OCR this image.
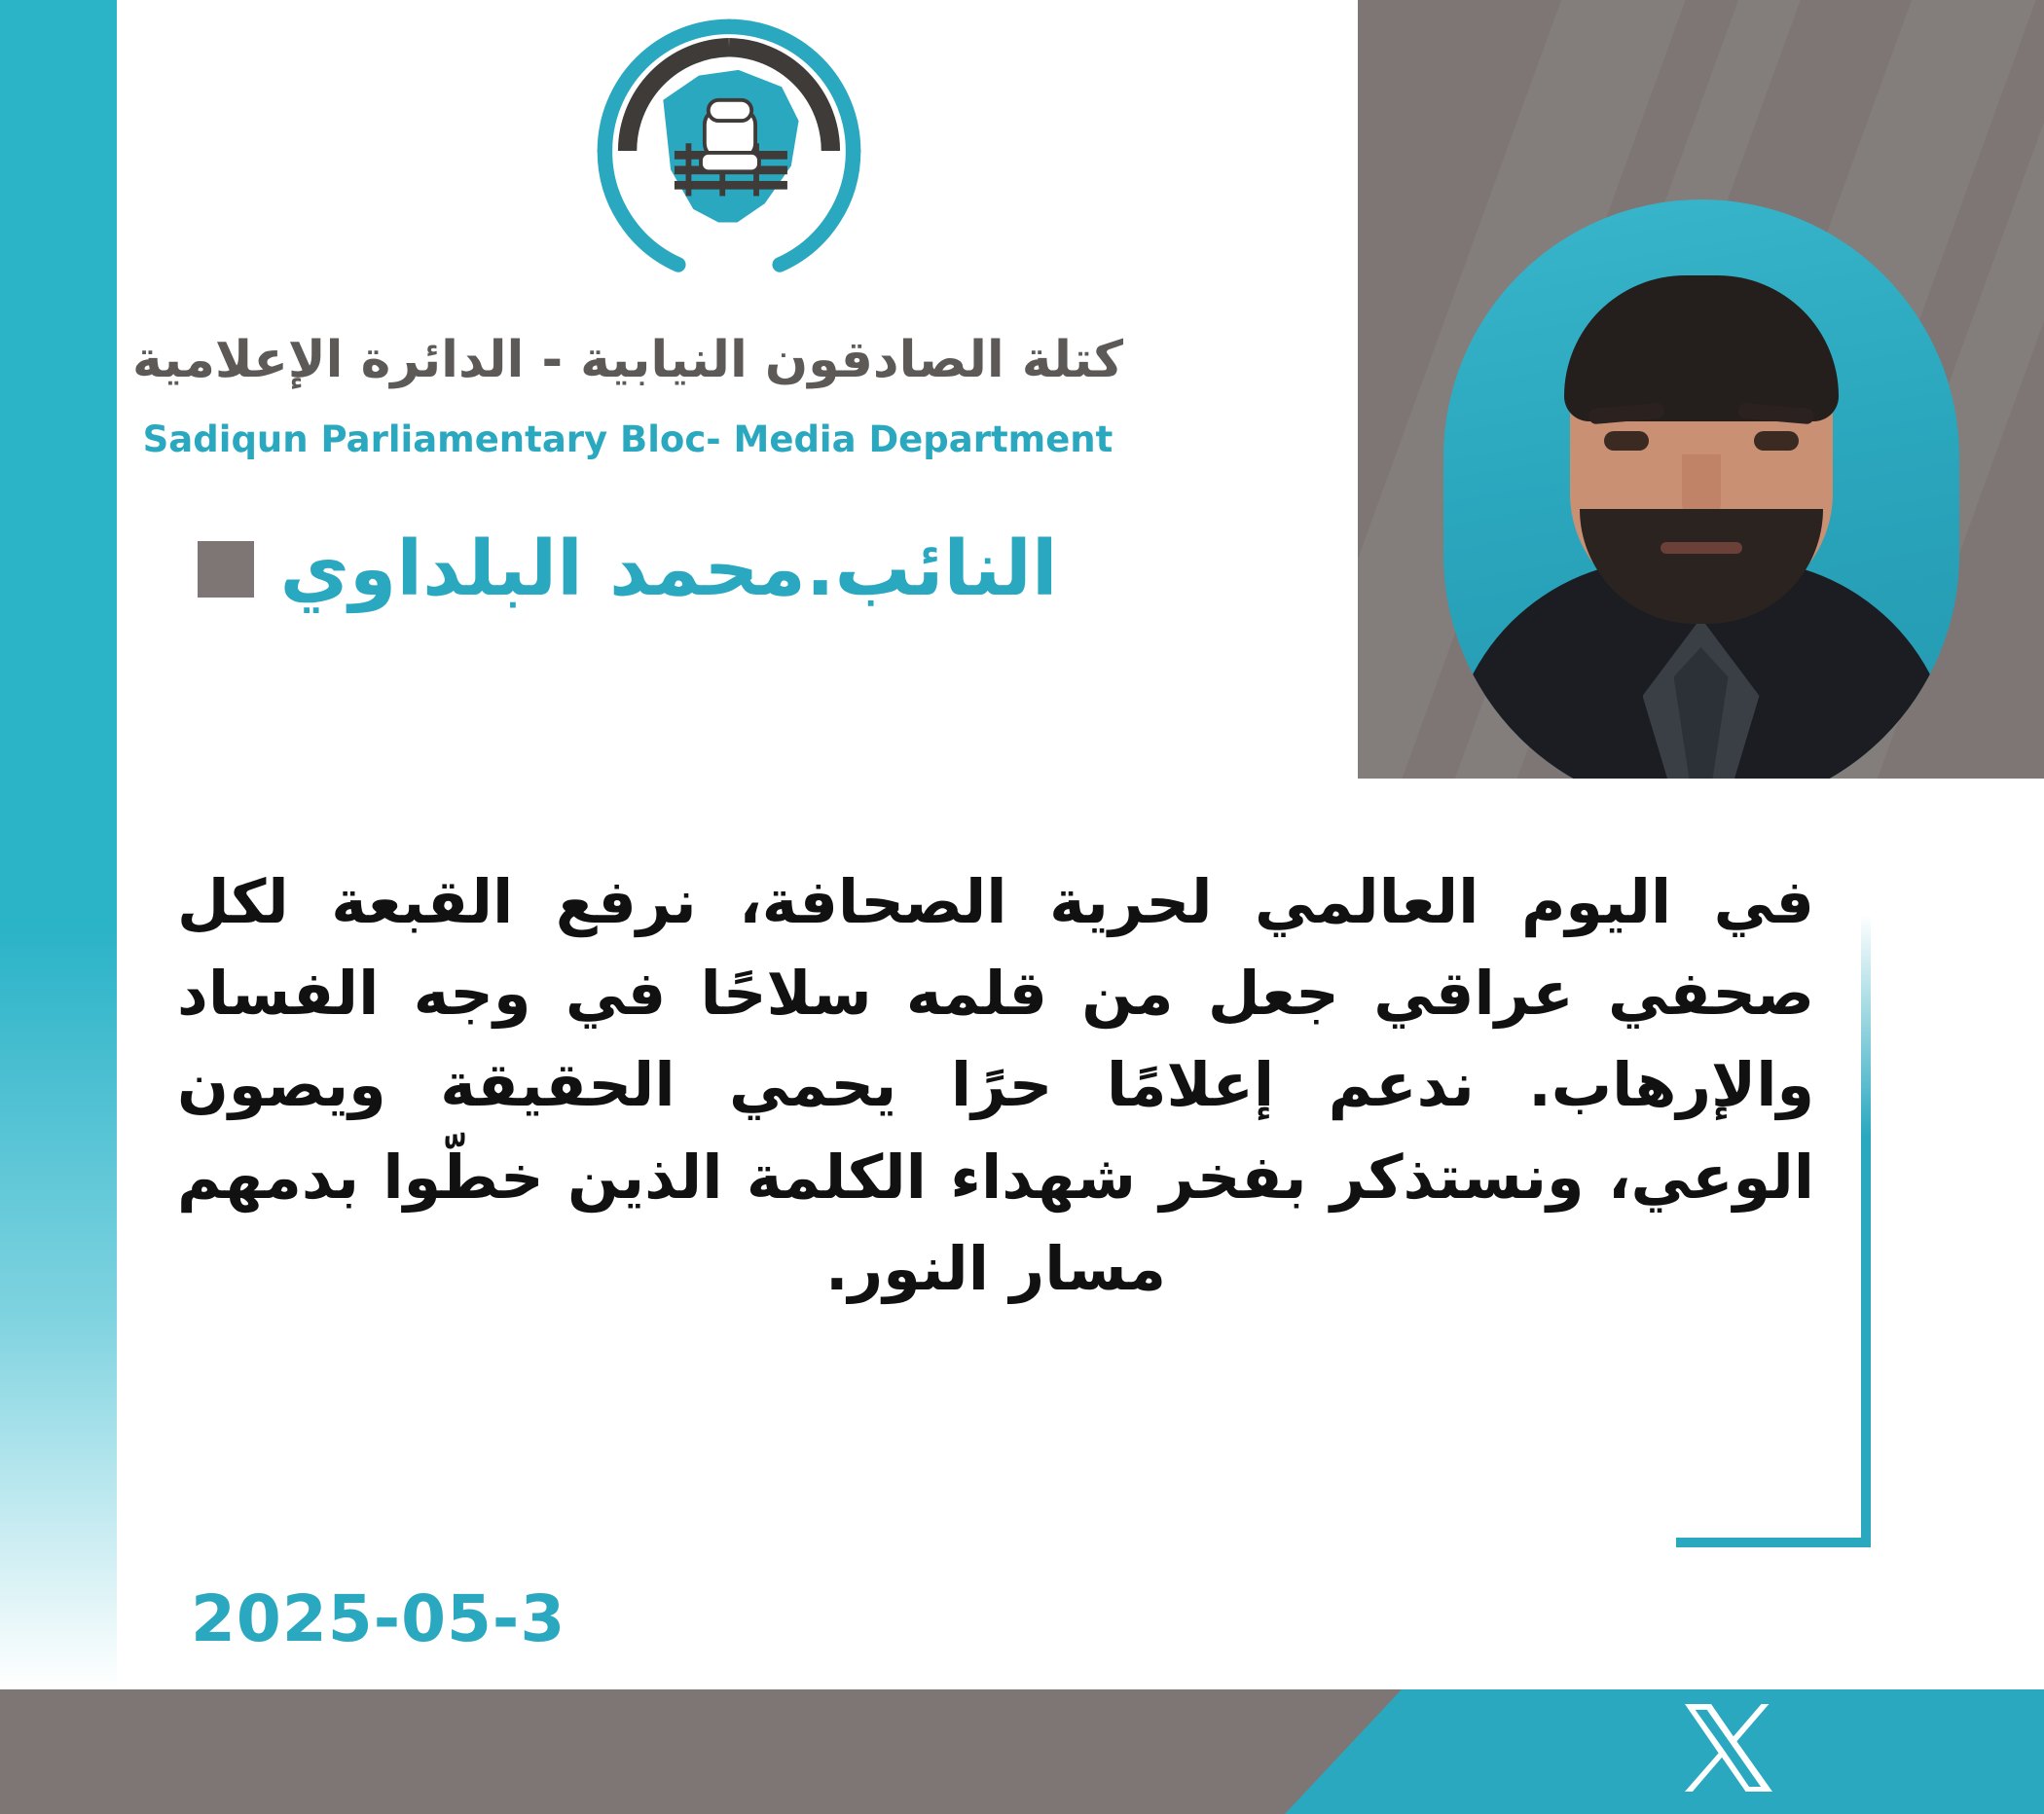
كتلة الصادقون النيابية - الدائرة الإعلامية
Sadiqun Parliamentary Bloc- Media Department
النائب.محمد البلداوي

في اليوم العالمي لحرية الصحافة، نرفع القبعة لكل صحفي عراقي جعل من قلمه سلاحًا في وجه الفساد والإرهاب. ندعم إعلامًا حرًا يحمي الحقيقة ويصون الوعي، ونستذكر بفخر شهداء الكلمة الذين خطّوا بدمهم مسار النور.

2025-05-3
